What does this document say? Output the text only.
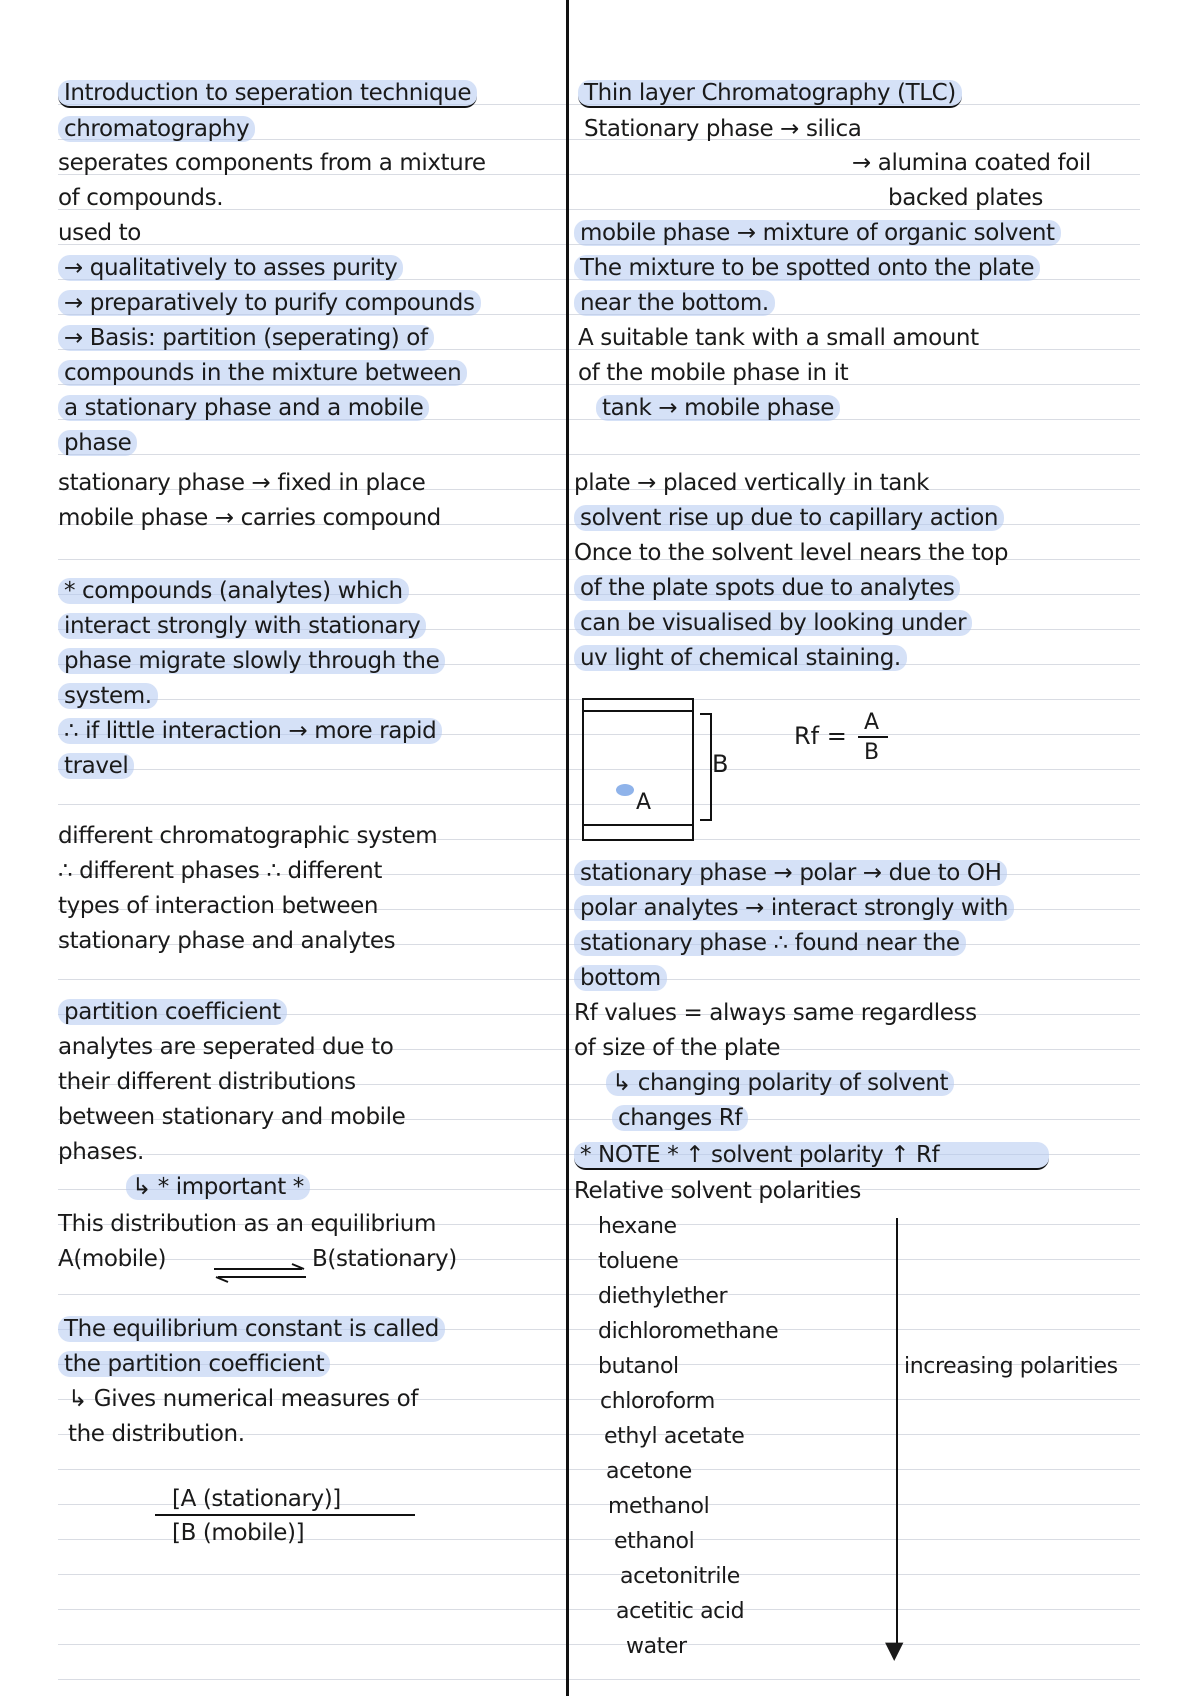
Introduction to seperation technique
chromatography
seperates components from a mixture
of compounds.
used to
→ qualitatively to asses purity
→ preparatively to purify compounds
→ Basis: partition (seperating) of
compounds in the mixture between
a stationary phase and a mobile
phase
stationary phase → fixed in place
mobile phase → carries compound
* compounds (analytes) which
interact strongly with stationary
phase migrate slowly through the
system.
∴ if little interaction → more rapid
travel
different chromatographic system
∴ different phases ∴ different
types of interaction between
stationary phase and analytes
partition coefficient
analytes are seperated due to
their different distributions
between stationary and mobile
phases.
↳ * important *
This distribution as an equilibrium
A(mobile)	B(stationary)
The equilibrium constant is called
the partition coefficient
↳ Gives numerical measures of
the distribution.
[A (stationary)]
[B (mobile)]
Thin layer Chromatography (TLC)
Stationary phase → silica
→ alumina coated foil
backed plates
mobile phase → mixture of organic solvent
The mixture to be spotted onto the plate
near the bottom.
A suitable tank with a small amount
of the mobile phase in it
tank → mobile phase
plate → placed vertically in tank
solvent rise up due to capillary action
Once to the solvent level nears the top
of the plate spots due to analytes
can be visualised by looking under
uv light of chemical staining.
B
A
Rf = A
B
stationary phase → polar → due to OH
polar analytes → interact strongly with
stationary phase ∴ found near the
bottom
Rf values = always same regardless
of size of the plate
↳ changing polarity of solvent
changes Rf
* NOTE * ↑ solvent polarity ↑ Rf
Relative solvent polarities
hexane
toluene
diethylether
dichloromethane
butanol
chloroform
ethyl acetate
acetone
methanol
ethanol
acetonitrile
acetitic acid
water	▼
increasing polarities
